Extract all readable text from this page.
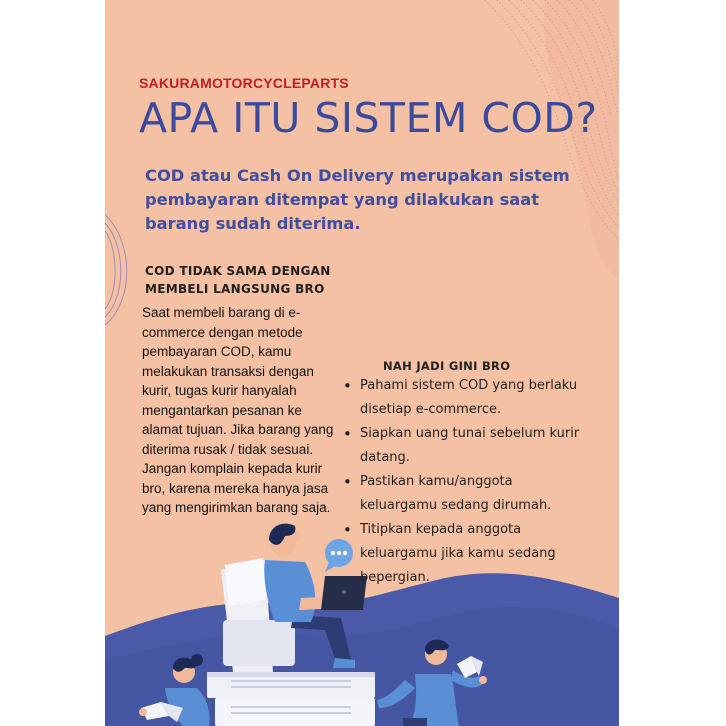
SAKURAMOTORCYCLEPARTS
APA ITU SISTEM COD?
COD atau Cash On Delivery merupakan sistem pembayaran ditempat yang dilakukan saat barang sudah diterima.
COD TIDAK SAMA DENGAN
MEMBELI LANGSUNG BRO

Saat membeli barang di e-commerce dengan metode pembayaran COD, kamu melakukan transaksi dengan kurir, tugas kurir hanyalah mengantarkan pesanan ke alamat tujuan. Jika barang yang diterima rusak / tidak sesuai.

Jangan komplain kepada kurir bro, karena mereka hanya jasa yang mengirimkan barang saja.

NAH JADI GINI BRO
• Pahami sistem COD yang berlaku disetiap e-commerce.
• Siapkan uang tunai sebelum kurir datang.
• Pastikan kamu/anggota keluargamu sedang dirumah.
• Titipkan kepada anggota keluargamu jika kamu sedang bepergian.
